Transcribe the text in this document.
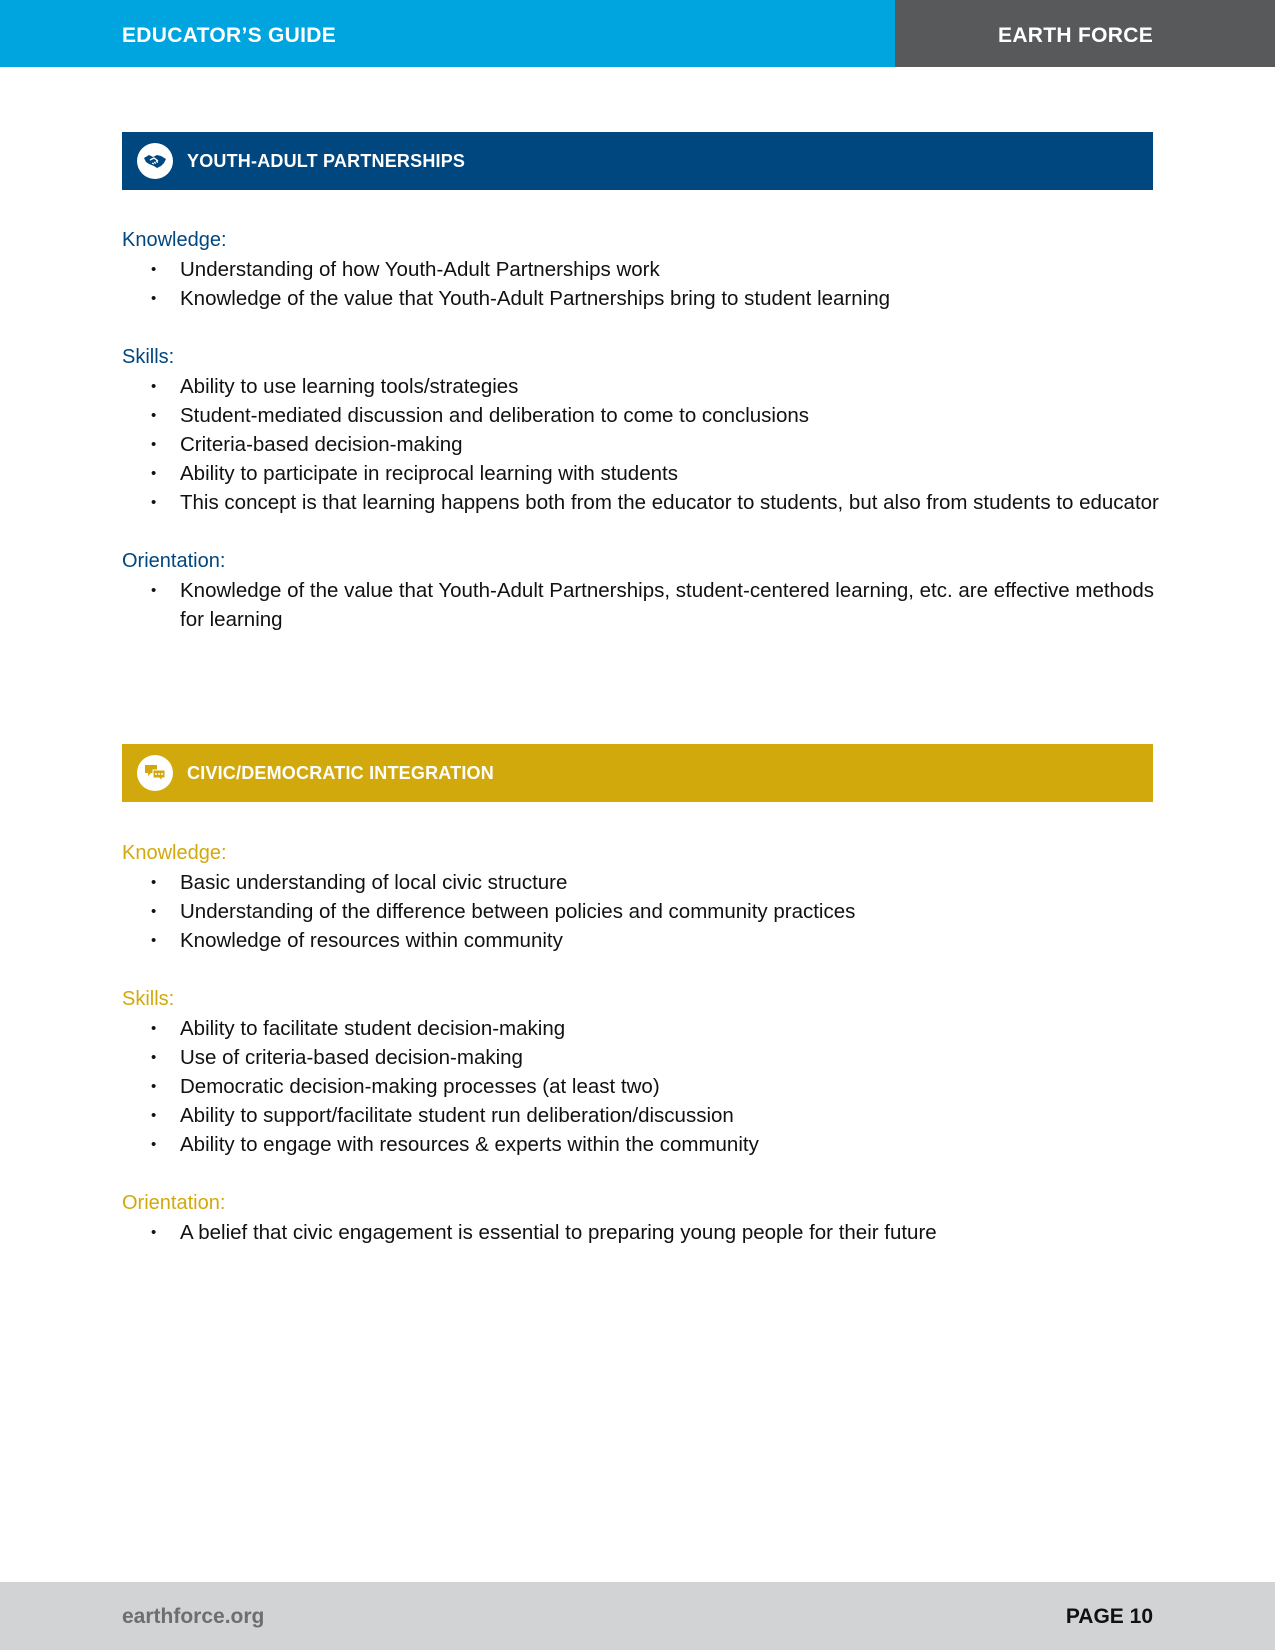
EDUCATOR’S GUIDE	EARTH FORCE
YOUTH-ADULT PARTNERSHIPS

Knowledge:

• Understanding of how Youth-Adult Partnerships work
• Knowledge of the value that Youth-Adult Partnerships bring to student learning

Skills:

• Ability to use learning tools/strategies
• Student-mediated discussion and deliberation to come to conclusions
• Criteria-based decision-making
• Ability to participate in reciprocal learning with students
• This concept is that learning happens both from the educator to students, but also from students to educator

Orientation:

• Knowledge of the value that Youth-Adult Partnerships, student-centered learning, etc. are effective methods for learning
CIVIC/DEMOCRATIC INTEGRATION

Knowledge:

• Basic understanding of local civic structure
• Understanding of the difference between policies and community practices
• Knowledge of resources within community

Skills:

• Ability to facilitate student decision-making
• Use of criteria-based decision-making
• Democratic decision-making processes (at least two)
• Ability to support/facilitate student run deliberation/discussion
• Ability to engage with resources & experts within the community

Orientation:

• A belief that civic engagement is essential to preparing young people for their future
earthforce.org	PAGE 10
